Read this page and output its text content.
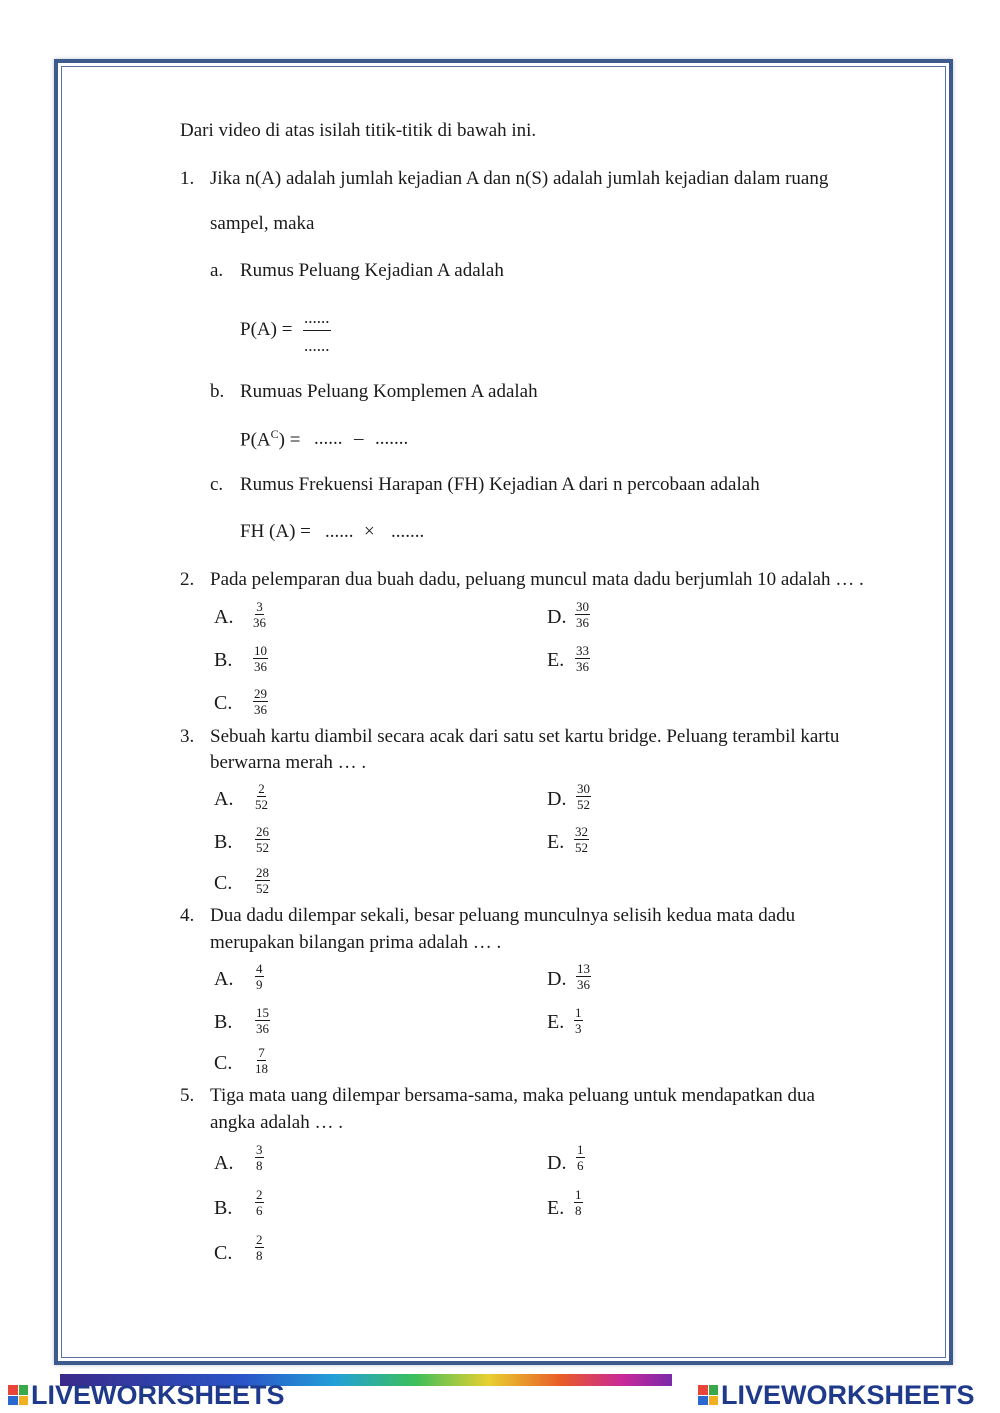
Dari video di atas isilah titik-titik di bawah ini.
1. Jika n(A) adalah jumlah kejadian A dan n(S) adalah jumlah kejadian dalam ruang
sampel, maka
a. Rumus Peluang Kejadian A adalah
P(A) =
......
......
b. Rumuas Peluang Komplemen A adalah
$P(A^C)$ = ...... – .......
c. Rumus Frekuensi Harapan (FH) Kejadian A dari n percobaan adalah
FH (A) = ...... × .......
2. Pada pelemparan dua buah dadu, peluang muncul mata dadu berjumlah 10 adalah … .
A. $\frac{3}{36}$
B. $\frac{10}{36}$
C. $\frac{29}{36}$
D. $\frac{30}{36}$
E. $\frac{33}{36}$
3. Sebuah kartu diambil secara acak dari satu set kartu bridge. Peluang terambil kartu
berwarna merah … .
A. $\frac{2}{52}$
B. $\frac{26}{52}$
C. $\frac{28}{52}$
D. $\frac{30}{52}$
E. $\frac{32}{52}$
4. Dua dadu dilempar sekali, besar peluang munculnya selisih kedua mata dadu
merupakan bilangan prima adalah … .
A. $\frac{4}{9}$
B. $\frac{15}{36}$
C. $\frac{7}{18}$
D. $\frac{13}{36}$
E. $\frac{1}{3}$
5. Tiga mata uang dilempar bersama-sama, maka peluang untuk mendapatkan dua
angka adalah … .
A. $\frac{3}{8}$
B. $\frac{2}{6}$
C. $\frac{2}{8}$
D. $\frac{1}{6}$
E. $\frac{1}{8}$
LIVEWORKSHEETS	LIVEWORKSHEETS
